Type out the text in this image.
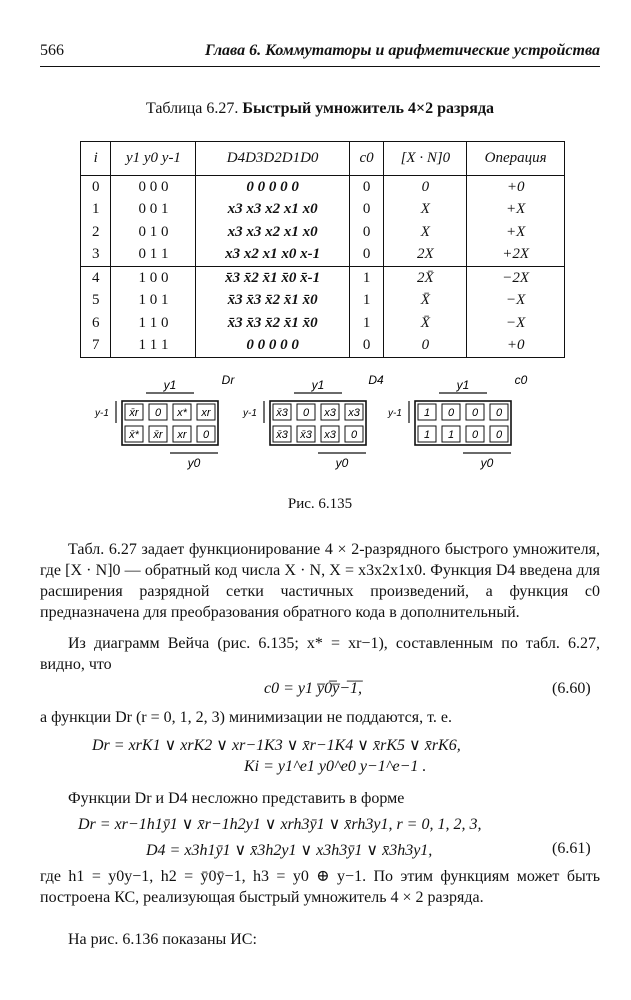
566	Глава 6. Коммутаторы и арифметические устройства
Таблица 6.27. Быстрый умножитель 4×2 разряда
i	y1 y0 y-1	D4D3D2D1D0	c0	[X · N]0	Операция
0	0 0 0	0 0 0 0 0	0	0	+0
1	0 0 1	x3 x3 x2 x1 x0	0	X	+X
2	0 1 0	x3 x3 x2 x1 x0	0	X	+X
3	0 1 1	x3 x2 x1 x0 x-1	0	2X	+2X
4	1 0 0	x̄3 x̄2 x̄1 x̄0 x̄-1	1	2X̄	−2X
5	1 0 1	x̄3 x̄3 x̄2 x̄1 x̄0	1	X̄	−X
6	1 1 0	x̄3 x̄3 x̄2 x̄1 x̄0	1	X̄	−X
7	1 1 1	0 0 0 0 0	0	0	+0
x̄r 0 x* xr
x̄* x̄r xr 0
y1
y0
y-1
Dr
x̄3 0 x3 x3
x̄3 x̄3 x3 0
y1
y0
y-1
D4
1 0 0 0
1 1 0 0
y1
y0
y-1
c0
Рис. 6.135
Табл. 6.27 задает функционирование 4 × 2-разрядного быстрого умножителя, где [X · N]0 — обратный код числа X · N, X = x3x2x1x0. Функция D4 введена для расширения разрядной сетки частичных произведений, а функция c0 предназначена для преобразования обратного кода в дополнительный.
Из диаграмм Вейча (рис. 6.135; x* = xr−1), составленным по табл. 6.27, видно, что
c0 = y1 y̅0̅y̅−̅1̅,	(6.60)
а функции Dr (r = 0, 1, 2, 3) минимизации не поддаются, т. е.
Dr = xrK1 ∨ xrK2 ∨ xr−1K3 ∨ x̄r−1K4 ∨ x̄rK5 ∨ x̄rK6,
Ki = y1^e1 y0^e0 y−1^e−1 .
Функции Dr и D4 несложно представить в форме
Dr = xr−1h1ȳ1 ∨ x̄r−1h2y1 ∨ xrh3ȳ1 ∨ x̄rh3y1, r = 0, 1, 2, 3,
D4 = x3h1ȳ1 ∨ x̄3h2y1 ∨ x3h3ȳ1 ∨ x̄3h3y1,	(6.61)
где h1 = y0y−1, h2 = ȳ0ȳ−1, h3 = y0 ⊕ y−1. По этим функциям может быть построена КС, реализующая быстрый умножитель 4 × 2 разряда.
На рис. 6.136 показаны ИС:
